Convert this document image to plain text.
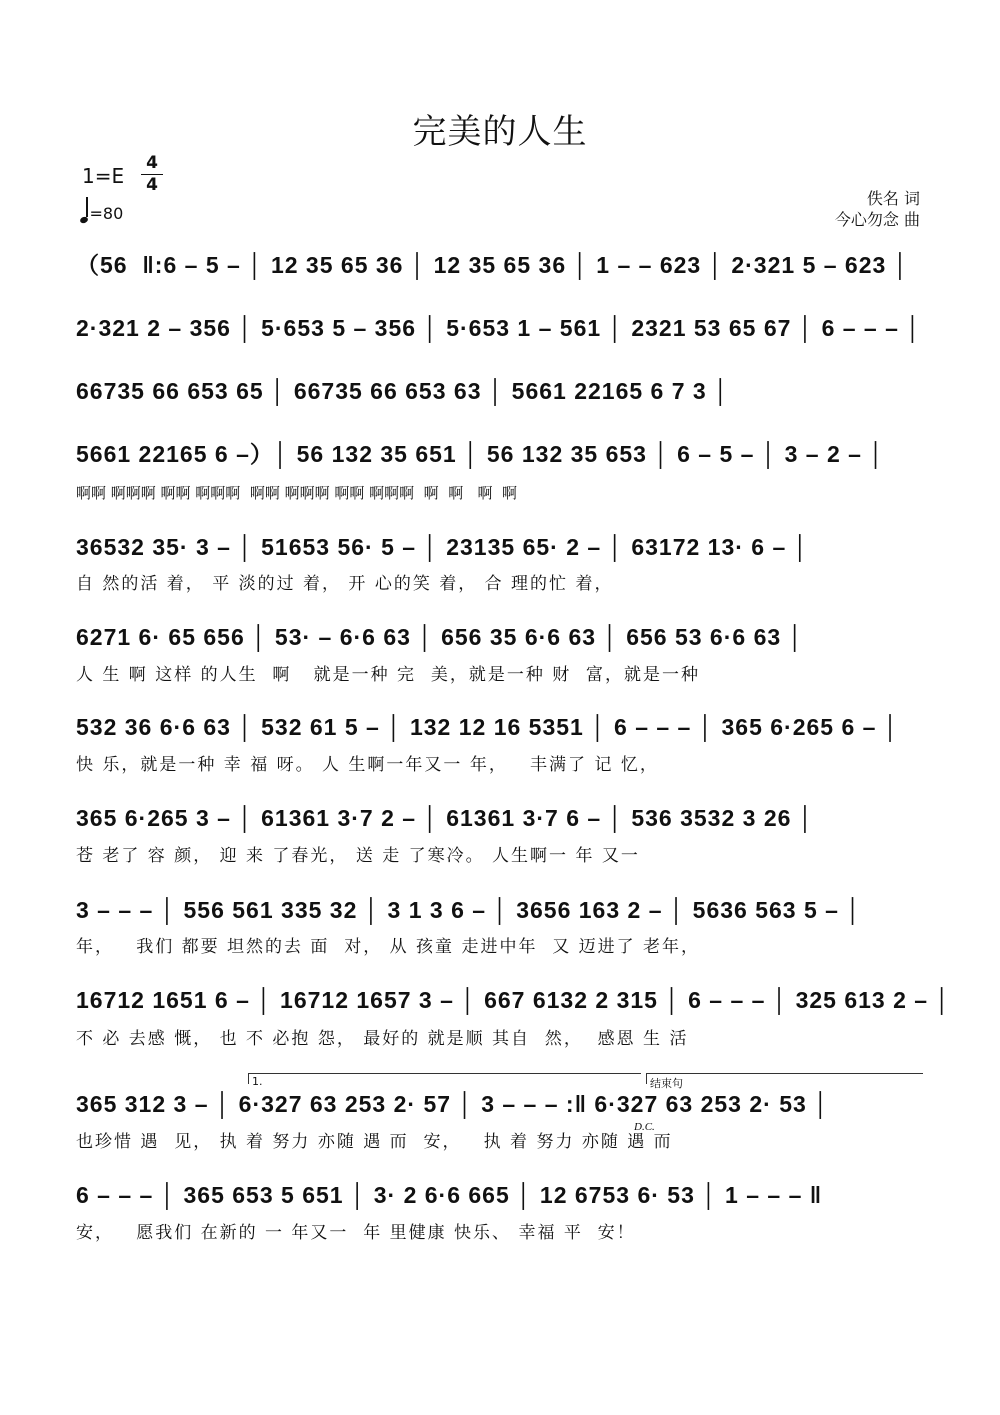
完美的人生
1=E
4
4
=80
佚名 词
今心勿念 曲
（56  ‖:6 – 5 – │ 12 35 65 36 │ 12 35 65 36 │ 1 – – 623 │ 2·321 5 – 623 │
2·321 2 – 356 │ 5·653 5 – 356 │ 5·653 1 – 561 │ 2321 53 65 67 │ 6 – – – │
66735 66 653 65 │ 66735 66 653 63 │ 5661 22165 6 7 3 │
5661 22165 6 –）│ 56 132 35 651 │ 56 132 35 653 │ 6 – 5 – │ 3 – 2 – │
啊啊 啊啊啊 啊啊 啊啊啊  啊啊 啊啊啊 啊啊 啊啊啊  啊  啊   啊  啊
36532 35· 3 – │ 51653 56· 5 – │ 23135 65· 2 – │ 63172 13· 6 – │
自 然的活 着， 平 淡的过 着， 开 心的笑 着， 合 理的忙 着，
6271 6· 65 656 │ 53· – 6·6 63 │ 656 35 6·6 63 │ 656 53 6·6 63 │
人 生 啊 这样 的人生  啊   就是一种 完  美，就是一种 财  富，就是一种
532 36 6·6 63 │ 532 61 5 – │ 132 12 16 5351 │ 6 – – – │ 365 6·265 6 – │
快 乐，就是一种 幸 福 呀。 人 生啊一年又一 年，   丰满了 记 忆，
365 6·265 3 – │ 61361 3·7 2 – │ 61361 3·7 6 – │ 536 3532 3 26 │
苍 老了 容 颜， 迎 来 了春光， 送 走 了寒冷。 人生啊一 年 又一
3 – – – │ 556 561 335 32 │ 3 1 3 6 – │ 3656 163 2 – │ 5636 563 5 – │
年，   我们 都要 坦然的去 面  对， 从 孩童 走进中年  又 迈进了 老年，
16712 1651 6 – │ 16712 1657 3 – │ 667 6132 2 315 │ 6 – – – │ 325 613 2 – │
不 必 去感 慨， 也 不 必抱 怨， 最好的 就是顺 其自  然，  感恩 生 活
1.	结束句
365 312 3 – │ 6·327 63 253 2· 57 │ 3 – – – :‖ 6·327 63 253 2· 53 │
D.C.
也珍惜 遇  见， 执 着 努力 亦随 遇 而  安，   执 着 努力 亦随 遇 而
6 – – – │ 365 653 5 651 │ 3· 2 6·6 665 │ 12 6753 6· 53 │ 1 – – – ‖
安，   愿我们 在新的 一 年又一  年 里健康 快乐、 幸福 平  安！
